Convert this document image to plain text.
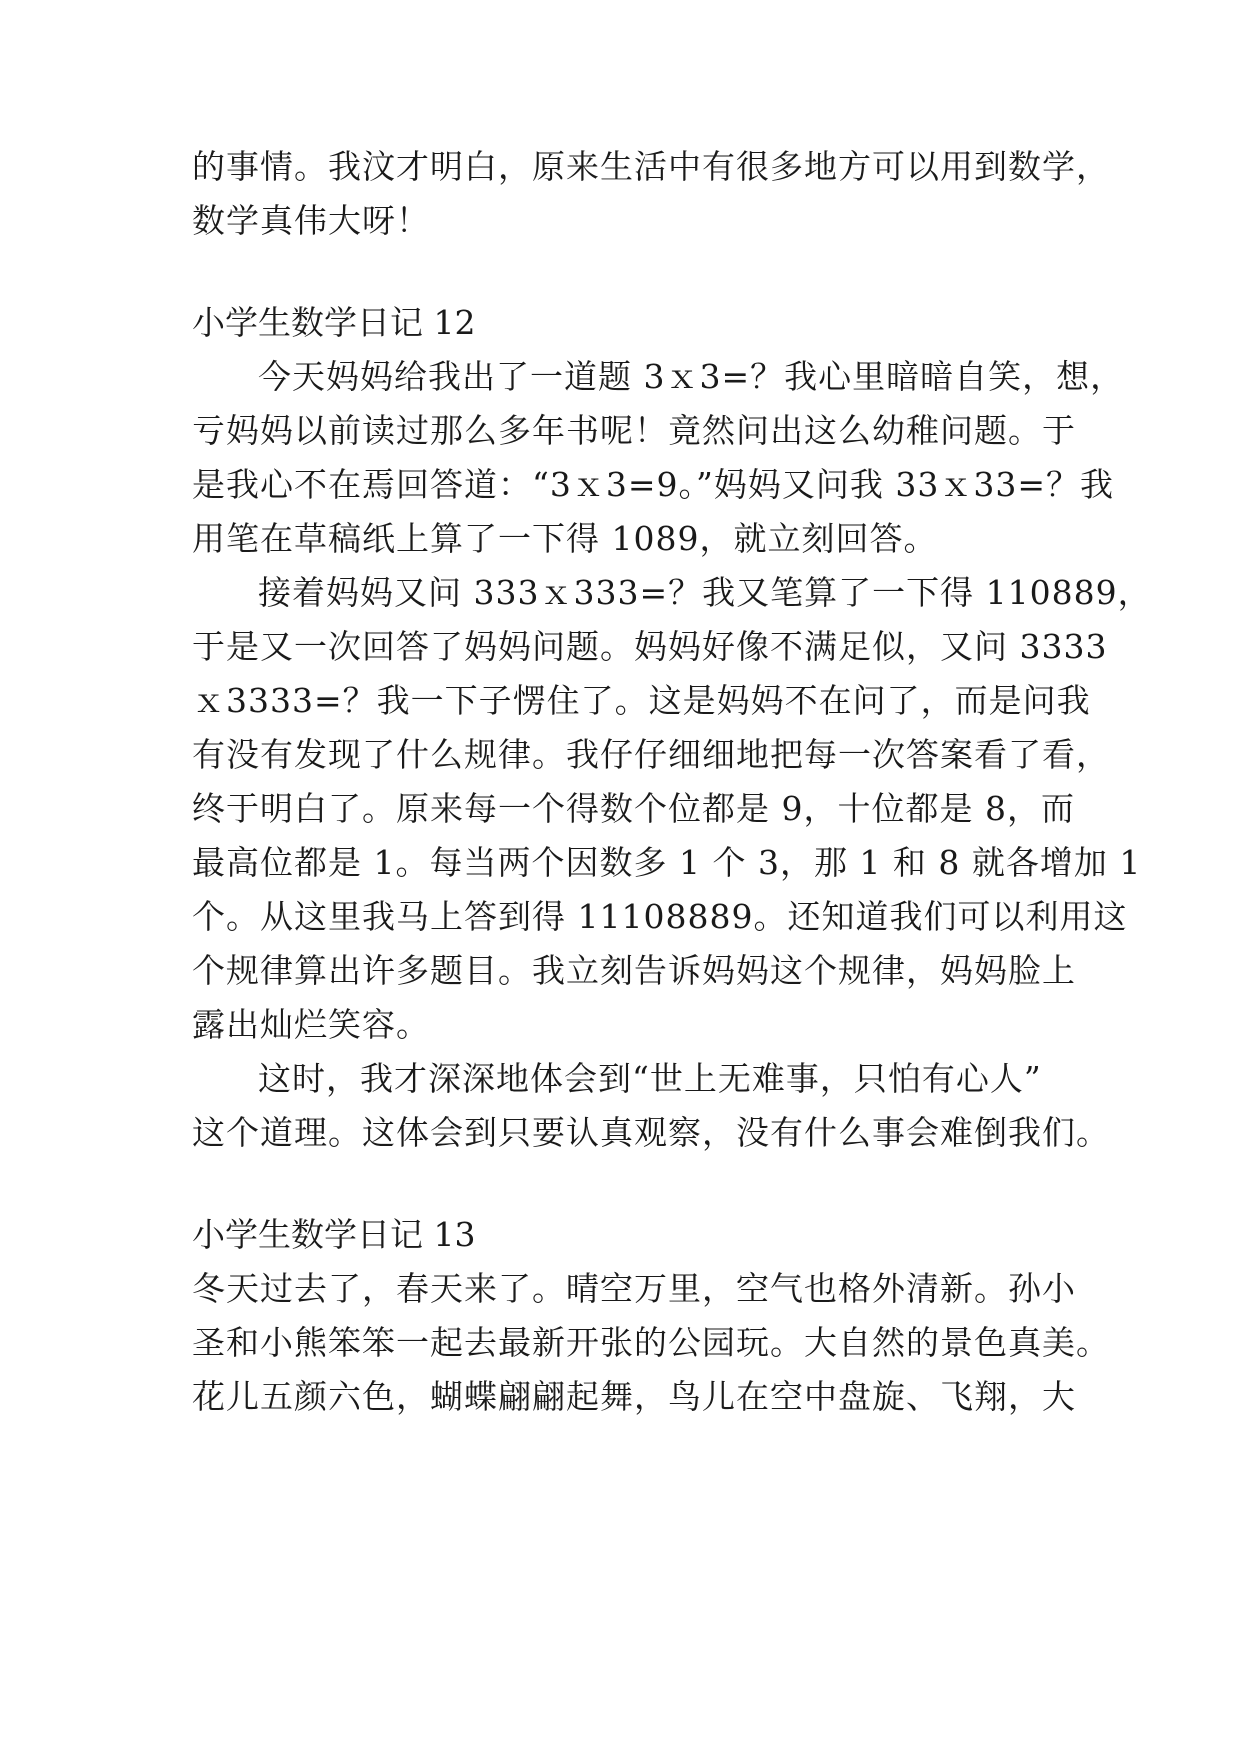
的事情。我汶才明白，原来生活中有很多地方可以用到数学，
数学真伟大呀！
小学生数学日记 12
今天妈妈给我出了一道题 3ｘ3=？我心里暗暗自笑，想，
亏妈妈以前读过那么多年书呢！竟然问出这么幼稚问题。于
是我心不在焉回答道：“3ｘ3=9。”妈妈又问我 33ｘ33=？我
用笔在草稿纸上算了一下得 1089，就立刻回答。
接着妈妈又问 333ｘ333=？我又笔算了一下得 110889，
于是又一次回答了妈妈问题。妈妈好像不满足似，又问 3333
ｘ3333=？我一下子愣住了。这是妈妈不在问了，而是问我
有没有发现了什么规律。我仔仔细细地把每一次答案看了看，
终于明白了。原来每一个得数个位都是 9，十位都是 8，而
最高位都是 1。每当两个因数多 1 个 3，那 1 和 8 就各增加 1
个。从这里我马上答到得 11108889。还知道我们可以利用这
个规律算出许多题目。我立刻告诉妈妈这个规律，妈妈脸上
露出灿烂笑容。
这时，我才深深地体会到“世上无难事，只怕有心人”
这个道理。这体会到只要认真观察，没有什么事会难倒我们。
小学生数学日记 13
冬天过去了，春天来了。晴空万里，空气也格外清新。孙小
圣和小熊笨笨一起去最新开张的公园玩。大自然的景色真美。
花儿五颜六色，蝴蝶翩翩起舞，鸟儿在空中盘旋、飞翔，大
